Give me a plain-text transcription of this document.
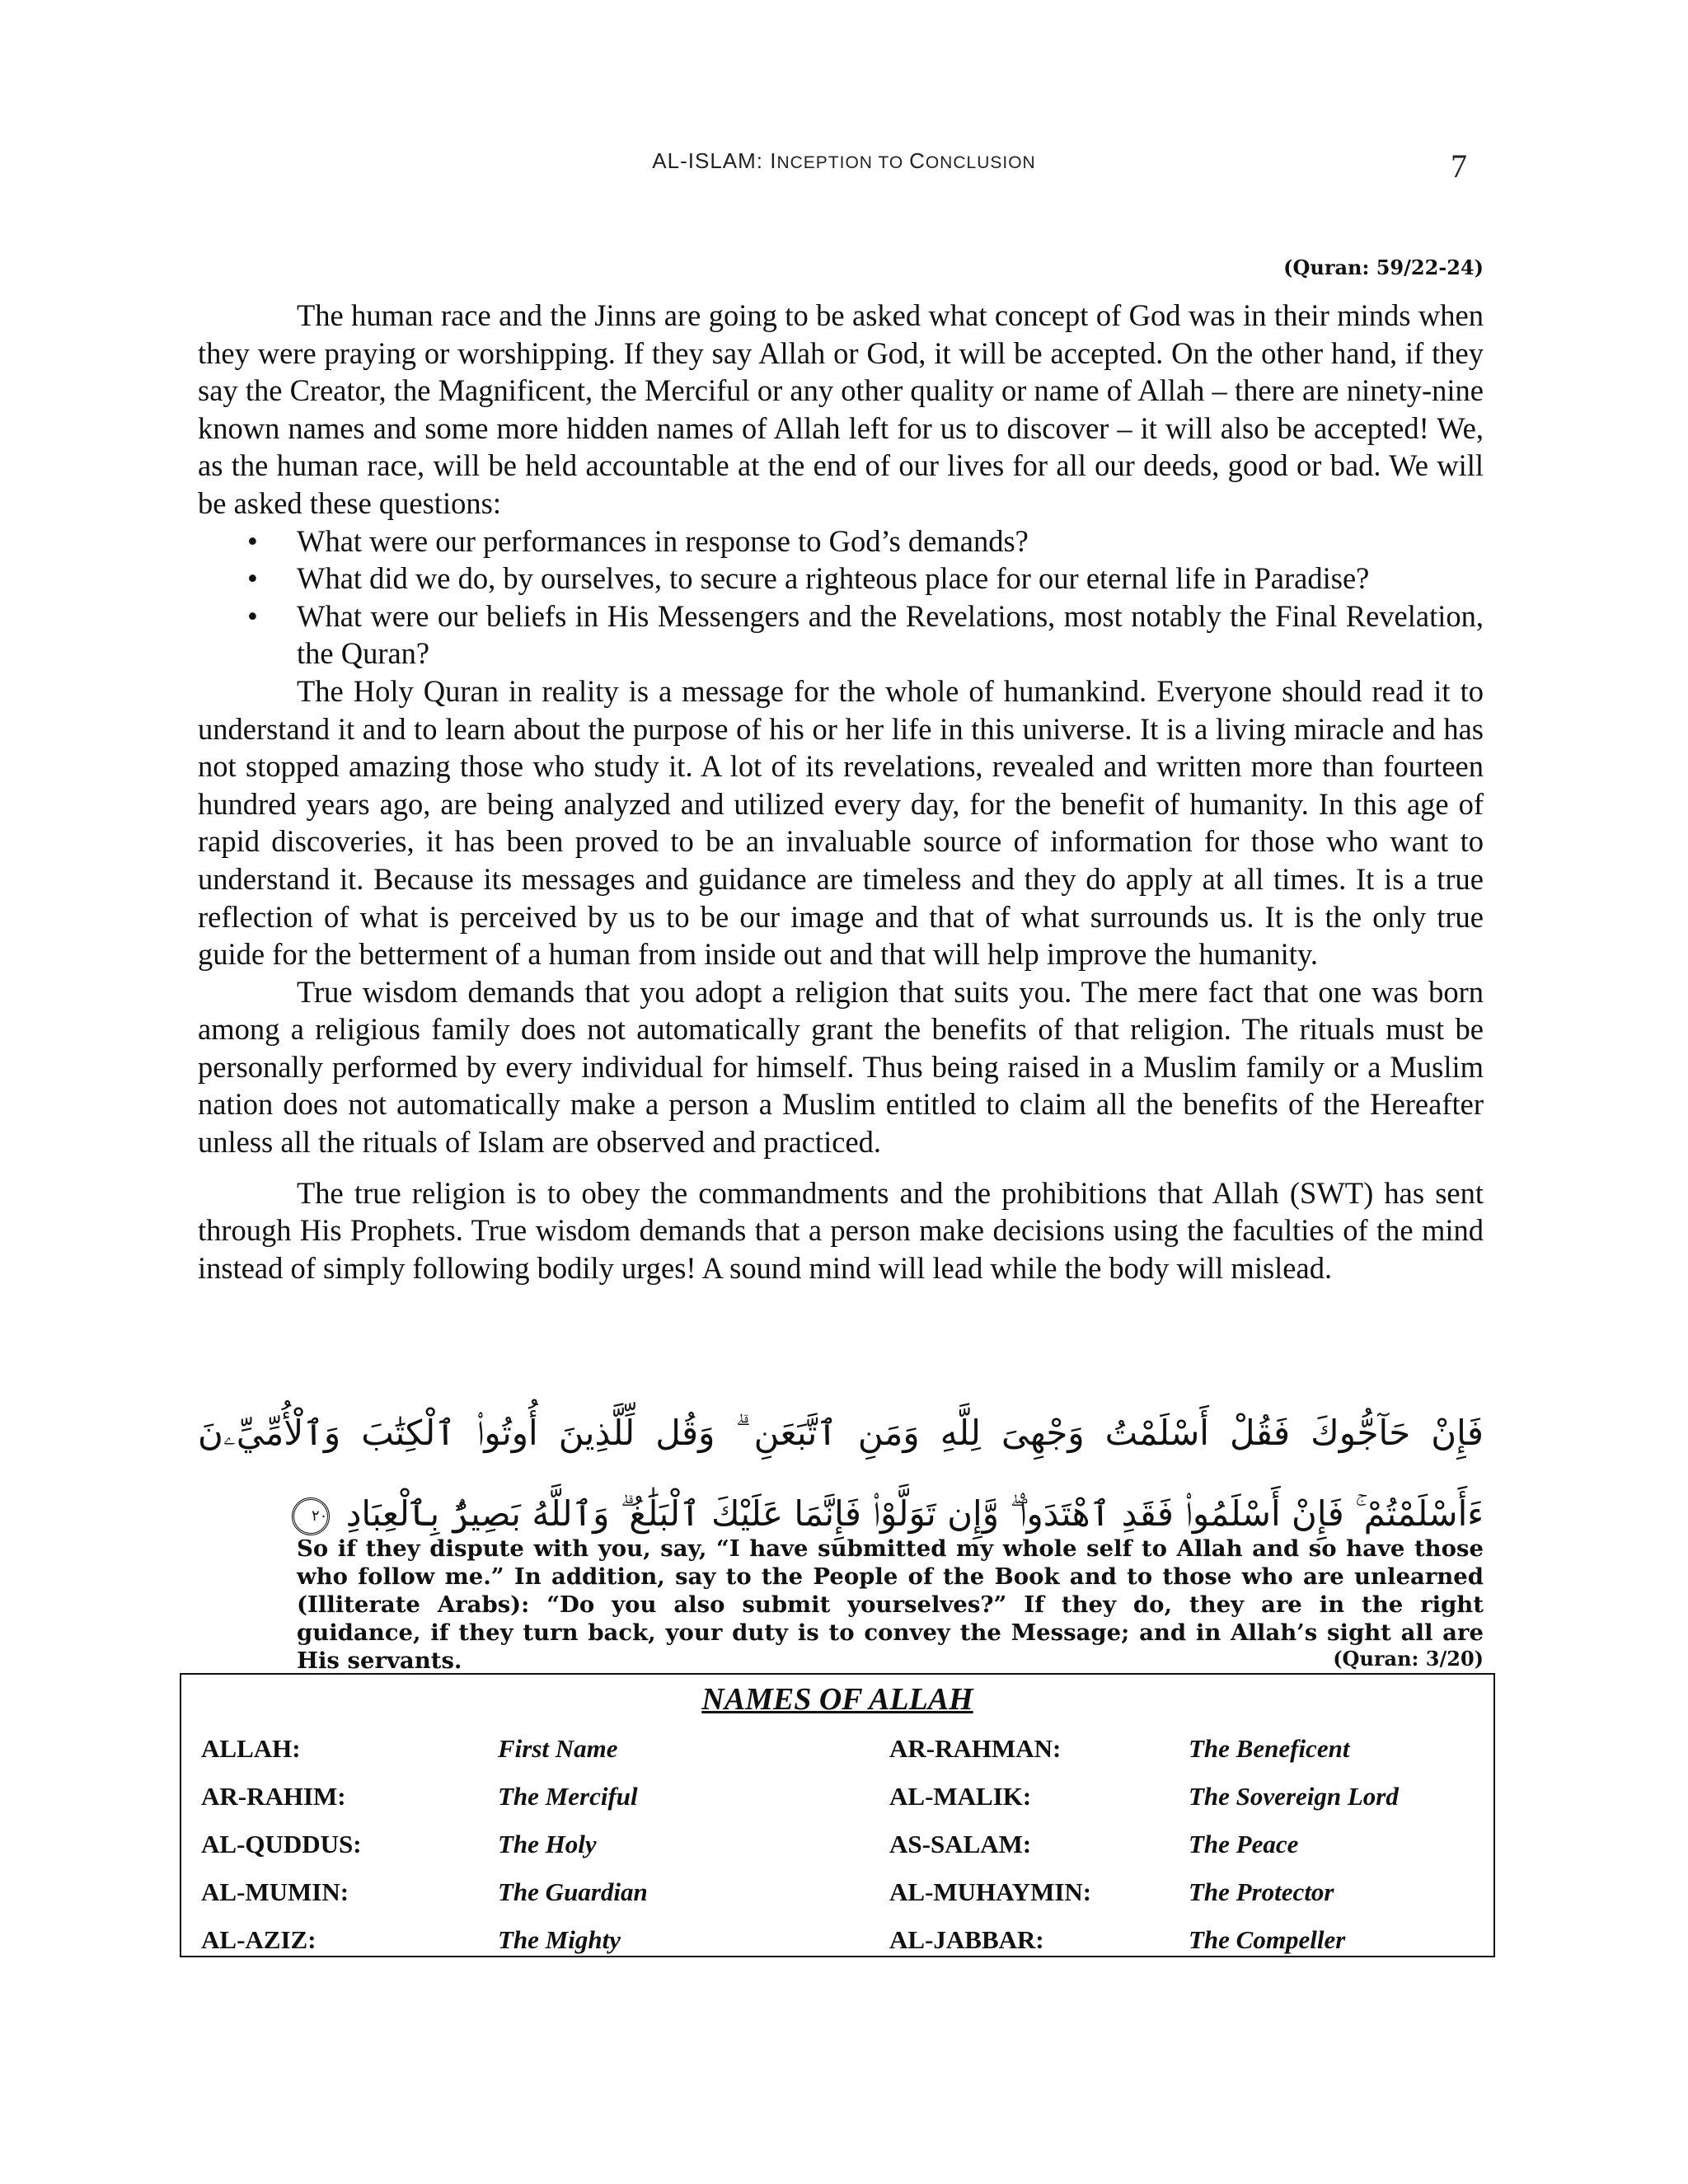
AL-ISLAM: INCEPTION TO CONCLUSION	7
(Quran: 59/22-24)

The human race and the Jinns are going to be asked what concept of God was in their minds when they were praying or worshipping. If they say Allah or God, it will be accepted. On the other hand, if they say the Creator, the Magnificent, the Merciful or any other quality or name of Allah – there are ninety-nine known names and some more hidden names of Allah left for us to discover – it will also be accepted! We, as the human race, will be held accountable at the end of our lives for all our deeds, good or bad. We will be asked these questions:

• What were our performances in response to God’s demands?
• What did we do, by ourselves, to secure a righteous place for our eternal life in Paradise?
• What were our beliefs in His Messengers and the Revelations, most notably the Final Revelation, the Quran?

The Holy Quran in reality is a message for the whole of humankind. Everyone should read it to understand it and to learn about the purpose of his or her life in this universe. It is a living miracle and has not stopped amazing those who study it. A lot of its revelations, revealed and written more than fourteen hundred years ago, are being analyzed and utilized every day, for the benefit of humanity. In this age of rapid discoveries, it has been proved to be an invaluable source of information for those who want to understand it. Because its messages and guidance are timeless and they do apply at all times. It is a true reflection of what is perceived by us to be our image and that of what surrounds us. It is the only true guide for the betterment of a human from inside out and that will help improve the humanity.

True wisdom demands that you adopt a religion that suits you. The mere fact that one was born among a religious family does not automatically grant the benefits of that religion. The rituals must be personally performed by every individual for himself. Thus being raised in a Muslim family or a Muslim nation does not automatically make a person a Muslim entitled to claim all the benefits of the Hereafter unless all the rituals of Islam are observed and practiced.

The true religion is to obey the commandments and the prohibitions that Allah (SWT) has sent through His Prophets. True wisdom demands that a person make decisions using the faculties of the mind instead of simply following bodily urges! A sound mind will lead while the body will mislead.

فَإِنْ حَآجُّوكَ فَقُلْ أَسْلَمْتُ وَجْهِىَ لِلَّهِ وَمَنِ ٱتَّبَعَنِ ۗ وَقُل لِّلَّذِينَ أُوتُوا۟ ٱلْكِتَٰبَ وَٱلْأُمِّيِّۦنَ ءَأَسْلَمْتُمْ ۚ فَإِنْ أَسْلَمُوا۟ فَقَدِ ٱهْتَدَوا۟ ۖ وَّإِن تَوَلَّوْا۟ فَإِنَّمَا عَلَيْكَ ٱلْبَلَٰغُ ۗ وَٱللَّهُ بَصِيرٌۢ بِٱلْعِبَادِ ٢٠
So if they dispute with you, say, “I have submitted my whole self to Allah and so have those who follow me.” In addition, say to the People of the Book and to those who are unlearned (Illiterate Arabs): “Do you also submit yourselves?” If they do, they are in the right guidance, if they turn back, your duty is to convey the Message; and in Allah’s sight all are His servants.	(Quran: 3/20)
NAMES OF ALLAH
ALLAH:	First Name	AR-RAHMAN:	The Beneficent
AR-RAHIM:	The Merciful	AL-MALIK:	The Sovereign Lord
AL-QUDDUS:	The Holy	AS-SALAM:	The Peace
AL-MUMIN:	The Guardian	AL-MUHAYMIN:	The Protector
AL-AZIZ:	The Mighty	AL-JABBAR:	The Compeller
